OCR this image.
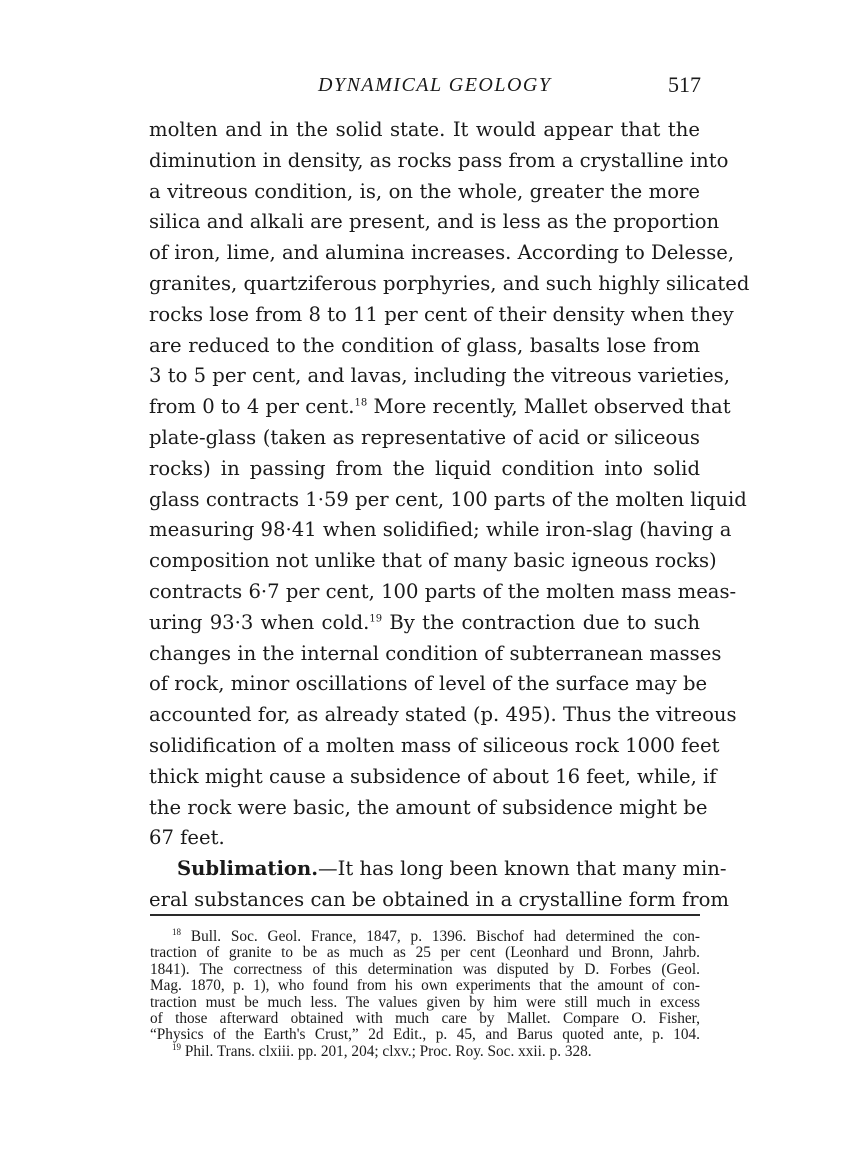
DYNAMICAL GEOLOGY	517
molten and in the solid state. It would appear that the
diminution in density, as rocks pass from a crystalline into
a vitreous condition, is, on the whole, greater the more
silica and alkali are present, and is less as the proportion
of iron, lime, and alumina increases. According to Delesse,
granites, quartziferous porphyries, and such highly silicated
rocks lose from 8 to 11 per cent of their density when they
are reduced to the condition of glass, basalts lose from
3 to 5 per cent, and lavas, including the vitreous varieties,
from 0 to 4 per cent.$^{18}$ More recently, Mallet observed that
plate-glass (taken as representative of acid or siliceous
rocks) in passing from the liquid condition into solid
glass contracts 1·59 per cent, 100 parts of the molten liquid
measuring 98·41 when solidified; while iron-slag (having a
composition not unlike that of many basic igneous rocks)
contracts 6·7 per cent, 100 parts of the molten mass meas-
uring 93·3 when cold.$^{19}$ By the contraction due to such
changes in the internal condition of subterranean masses
of rock, minor oscillations of level of the surface may be
accounted for, as already stated (p. 495). Thus the vitreous
solidification of a molten mass of siliceous rock 1000 feet
thick might cause a subsidence of about 16 feet, while, if
the rock were basic, the amount of subsidence might be
67 feet.
Sublimation.—It has long been known that many min-
eral substances can be obtained in a crystalline form from
$^{18}$ Bull. Soc. Geol. France, 1847, p. 1396. Bischof had determined the con-
traction of granite to be as much as 25 per cent (Leonhard und Bronn, Jahrb.
1841). The correctness of this determination was disputed by D. Forbes (Geol.
Mag. 1870, p. 1), who found from his own experiments that the amount of con-
traction must be much less. The values given by him were still much in excess
of those afterward obtained with much care by Mallet. Compare O. Fisher,
“Physics of the Earth's Crust,” 2d Edit., p. 45, and Barus quoted ante, p. 104.
$^{19}$ Phil. Trans. clxiii. pp. 201, 204; clxv.; Proc. Roy. Soc. xxii. p. 328.
